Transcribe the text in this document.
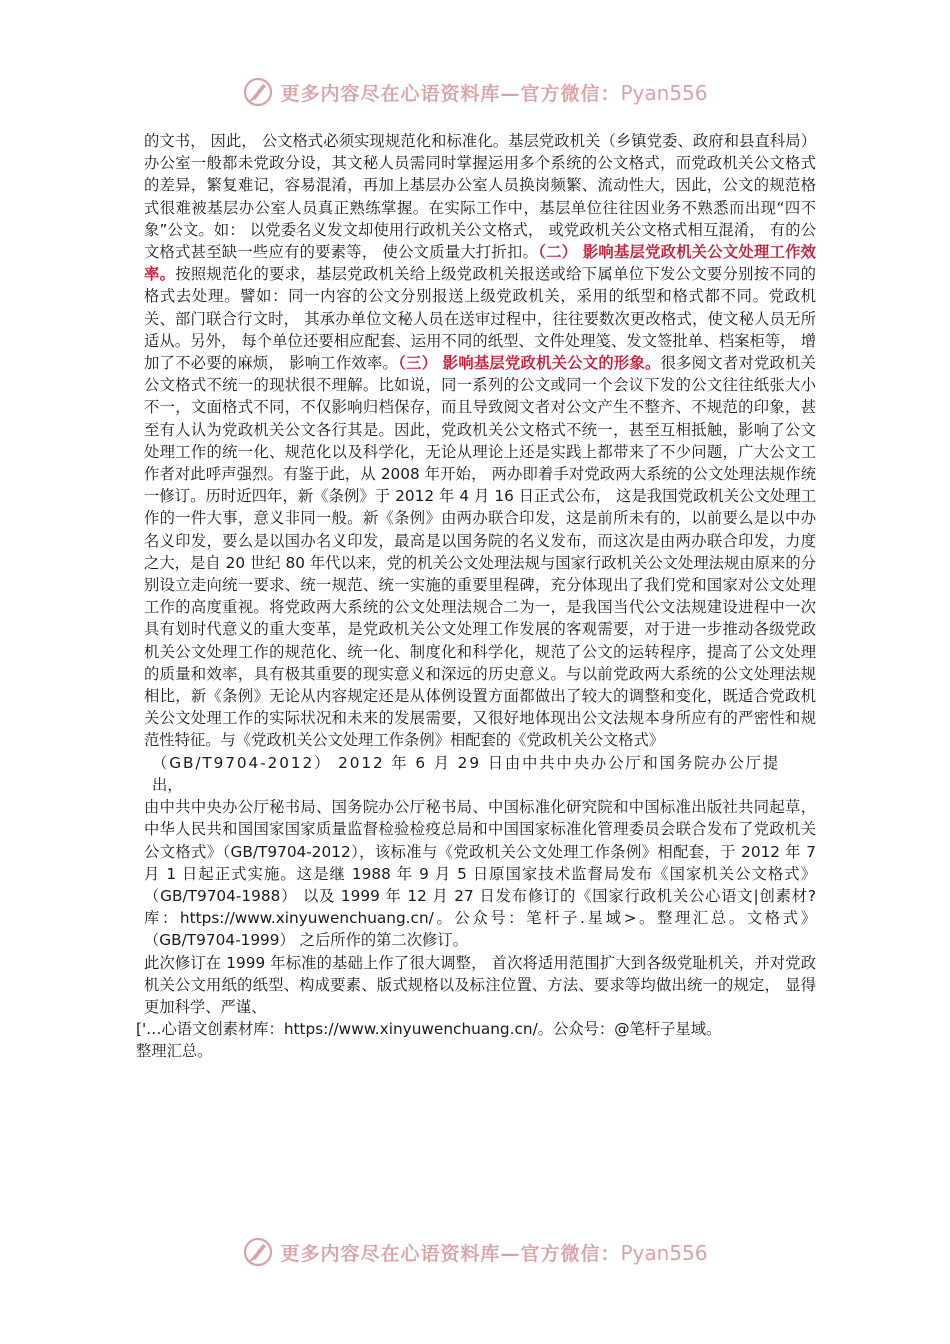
更多内容尽在心语资料库—官方微信：Pyan556

的文书， 因此， 公文格式必须实现规范化和标准化。基层党政机关（乡镇党委、政府和县直科局）办公室一般都未党政分设，其文秘人员需同时掌握运用多个系统的公文格式，而党政机关公文格式的差异，繁复难记，容易混淆，再加上基层办公室人员换岗频繁、流动性大，因此，公文的规范格式很难被基层办公室人员真正熟练掌握。在实际工作中，基层单位往往因业务不熟悉而出现“四不象”公文。如： 以党委名义发文却使用行政机关公文格式， 或党政机关公文格式相互混淆， 有的公文格式甚至缺一些应有的要素等， 使公文质量大打折扣。（二） 影响基层党政机关公文处理工作效率。按照规范化的要求，基层党政机关给上级党政机关报送或给下属单位下发公文要分别按不同的格式去处理。譬如：同一内容的公文分别报送上级党政机关，采用的纸型和格式都不同。党政机关、部门联合行文时， 其承办单位文秘人员在送审过程中，往往要数次更改格式，使文秘人员无所适从。另外， 每个单位还要相应配套、运用不同的纸型、文件处理笺、发文签批单、档案柜等， 增加了不必要的麻烦， 影响工作效率。（三） 影响基层党政机关公文的形象。很多阅文者对党政机关公文格式不统一的现状很不理解。比如说，同一系列的公文或同一个会议下发的公文往往纸张大小不一，文面格式不同，不仅影响归档保存，而且导致阅文者对公文产生不整齐、不规范的印象，甚至有人认为党政机关公文各行其是。因此，党政机关公文格式不统一，甚至互相抵触，影响了公文处理工作的统一化、规范化以及科学化，无论从理论上还是实践上都带来了不少问题，广大公文工作者对此呼声强烈。有鉴于此，从 2008 年开始， 两办即着手对党政两大系统的公文处理法规作统一修订。历时近四年，新《条例》于 2012 年 4 月 16 日正式公布， 这是我国党政机关公文处理工作的一件大事，意义非同一般。新《条例》由两办联合印发，这是前所未有的，以前要么是以中办名义印发，要么是以国办名义印发，最高是以国务院的名义发布，而这次是由两办联合印发，力度之大，是自 20 世纪 80 年代以来，党的机关公文处理法规与国家行政机关公文处理法规由原来的分别设立走向统一要求、统一规范、统一实施的重要里程碑，充分体现出了我们党和国家对公文处理工作的高度重视。将党政两大系统的公文处理法规合二为一，是我国当代公文法规建设进程中一次具有划时代意义的重大变革，是党政机关公文处理工作发展的客观需要，对于进一步推动各级党政机关公文处理工作的规范化、统一化、制度化和科学化，规范了公文的运转程序，提高了公文处理的质量和效率，具有极其重要的现实意义和深远的历史意义。与以前党政两大系统的公文处理法规相比，新《条例》无论从内容规定还是从体例设置方面都做出了较大的调整和变化，既适合党政机关公文处理工作的实际状况和未来的发展需要，又很好地体现出公文法规本身所应有的严密性和规范性特征。与《党政机关公文处理工作条例》相配套的《党政机关公文格式》

（GB/T9704-2012） 2012 年 6 月 29 日由中共中央办公厅和国务院办公厅提

出，

由中共中央办公厅秘书局、国务院办公厅秘书局、中国标准化研究院和中国标准出版社共同起草，中华人民共和国国家国家质量监督检验检疫总局和中国国家标准化管理委员会联合发布了党政机关公文格式》（GB/T9704-2012），该标准与《党政机关公文处理工作条例》相配套，于 2012 年 7 月 1 日起正式实施。这是继 1988 年 9 月 5 日原国家技术监督局发布《国家机关公文格式》（GB/T9704-1988） 以及 1999 年 12 月 27 日发布修订的《国家行政机关公心语文|创素材?库：https://www.xinyuwenchuang.cn/。公众号：笔杆子.星域>。整理汇总。文格式》（GB/T9704-1999） 之后所作的第二次修订。

此次修订在 1999 年标准的基础上作了很大调整， 首次将适用范围扩大到各级党耻机关，并对党政机关公文用纸的纸型、构成要素、版式规格以及标注位置、方法、要求等均做出统一的规定， 显得更加科学、严谨、

['…心语文创素材库：https://www.xinyuwenchuang.cn/。公众号：@笔杆子星域。

整理汇总。

更多内容尽在心语资料库—官方微信：Pyan556
